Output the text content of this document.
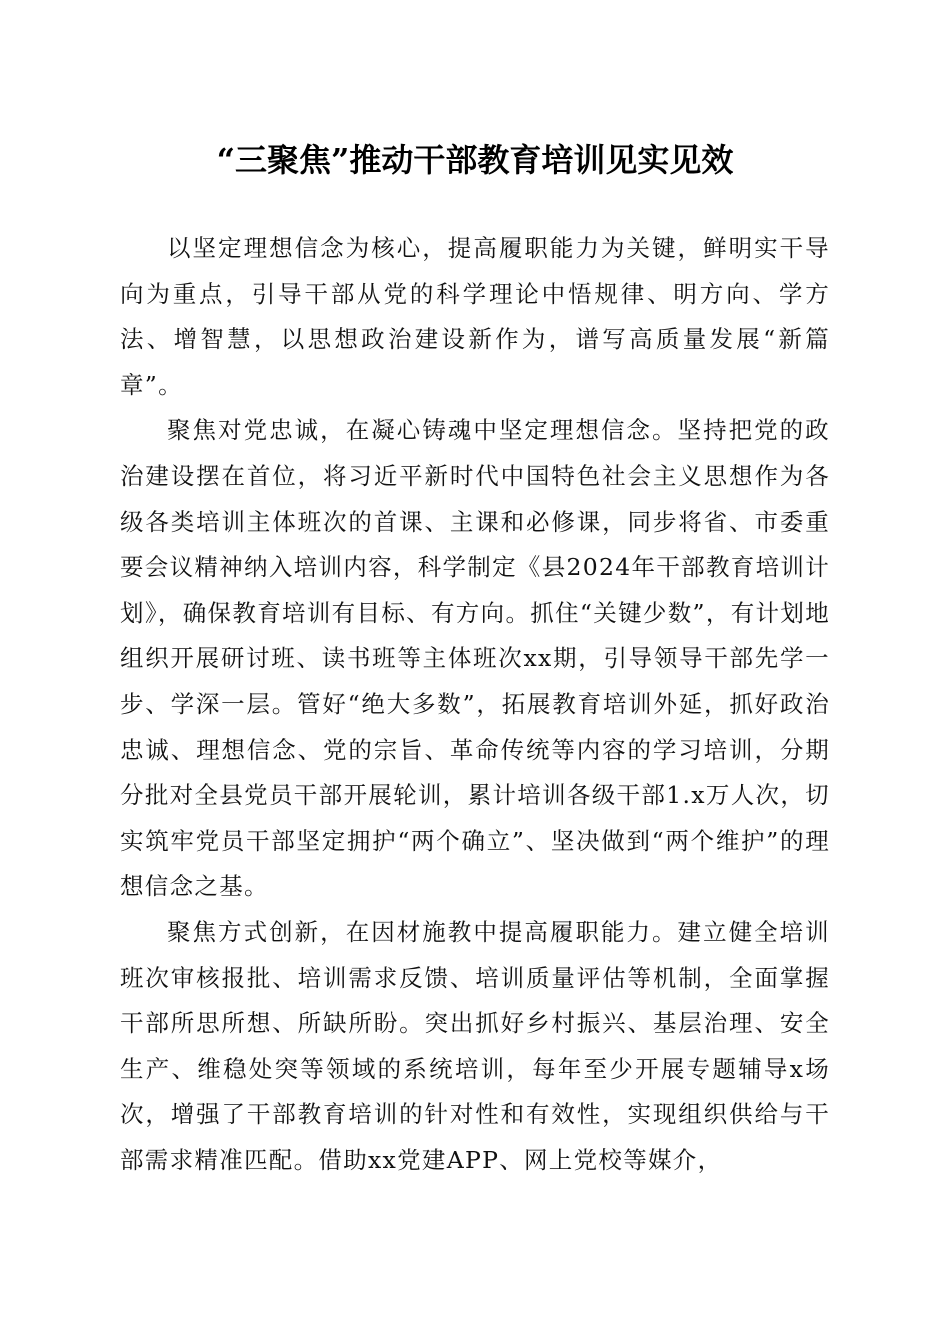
“三聚焦”推动干部教育培训见实见效

以坚定理想信念为核心，提高履职能力为关键，鲜明实干导向为重点，引导干部从党的科学理论中悟规律、明方向、学方法、增智慧，以思想政治建设新作为，谱写高质量发展“新篇章”。

聚焦对党忠诚，在凝心铸魂中坚定理想信念。坚持把党的政治建设摆在首位，将习近平新时代中国特色社会主义思想作为各级各类培训主体班次的首课、主课和必修课，同步将省、市委重要会议精神纳入培训内容，科学制定《县2024年干部教育培训计划》，确保教育培训有目标、有方向。抓住“关键少数”，有计划地组织开展研讨班、读书班等主体班次xx期，引导领导干部先学一步、学深一层。管好“绝大多数”，拓展教育培训外延，抓好政治忠诚、理想信念、党的宗旨、革命传统等内容的学习培训，分期分批对全县党员干部开展轮训，累计培训各级干部1.x万人次，切实筑牢党员干部坚定拥护“两个确立”、坚决做到“两个维护”的理想信念之基。

聚焦方式创新，在因材施教中提高履职能力。建立健全培训班次审核报批、培训需求反馈、培训质量评估等机制，全面掌握干部所思所想、所缺所盼。突出抓好乡村振兴、基层治理、安全生产、维稳处突等领域的系统培训，每年至少开展专题辅导x场次，增强了干部教育培训的针对性和有效性，实现组织供给与干部需求精准匹配。借助xx党建APP、网上党校等媒介，
